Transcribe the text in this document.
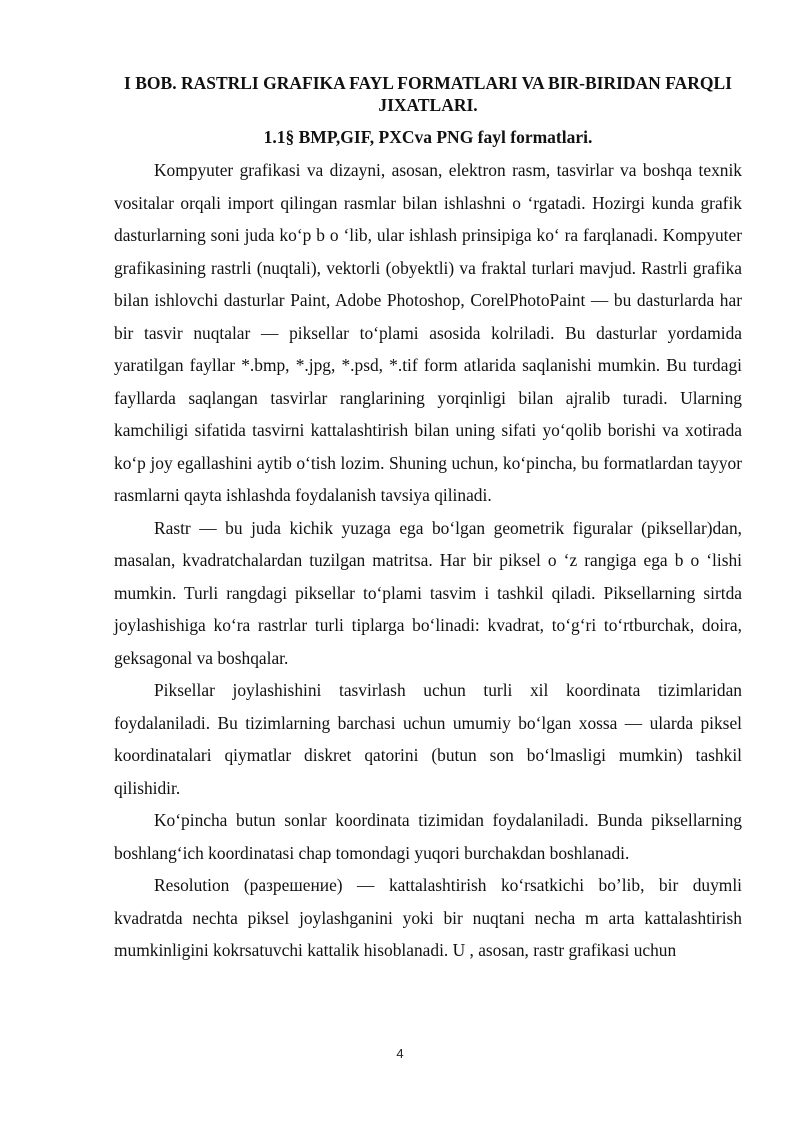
I BOB. RASTRLI GRAFIKA FAYL FORMATLARI VA BIR-BIRIDAN FARQLI JIXATLARI.
1.1§ BMP,GIF, PXCva PNG fayl formatlari.

Kompyuter grafikasi va dizayni, asosan, elektron rasm, tasvirlar va boshqa texnik vositalar orqali import qilingan rasmlar bilan ishlashni o ‘rgatadi. Hozirgi kunda grafik dasturlarning soni juda ko‘p b o ‘lib, ular ishlash prinsipiga ko‘ ra farqlanadi. Kompyuter grafikasining rastrli (nuqtali), vektorli (obyektli) va fraktal turlari mavjud. Rastrli grafika bilan ishlovchi dasturlar Paint, Adobe Photoshop, CorelPhotoPaint — bu dasturlarda har bir tasvir nuqtalar — piksellar to‘plami asosida kolriladi. Bu dasturlar yordamida yaratilgan fayllar *.bmp, *.jpg, *.psd, *.tif form atlarida saqlanishi mumkin. Bu turdagi fayllarda saqlangan tasvirlar ranglarining yorqinligi bilan ajralib turadi. Ularning kamchiligi sifatida tasvirni kattalashtirish bilan uning sifati yo‘qolib borishi va xotirada ko‘p joy egallashini aytib o‘tish lozim. Shuning uchun, ko‘pincha, bu formatlardan tayyor rasmlarni qayta ishlashda foydalanish tavsiya qilinadi.

Rastr — bu juda kichik yuzaga ega bo‘lgan geometrik figuralar (piksellar)dan, masalan, kvadratchalardan tuzilgan matritsa. Har bir piksel o ‘z rangiga ega b o ‘lishi mumkin. Turli rangdagi piksellar to‘plami tasvim i tashkil qiladi. Piksellarning sirtda joylashishiga ko‘ra rastrlar turli tiplarga bo‘linadi: kvadrat, to‘g‘ri to‘rtburchak, doira, geksagonal va boshqalar.

Piksellar joylashishini tasvirlash uchun turli xil koordinata tizimlaridan foydalaniladi. Bu tizimlarning barchasi uchun umumiy bo‘lgan xossa — ularda piksel koordinatalari qiymatlar diskret qatorini (butun son bo‘lmasligi mumkin) tashkil qilishidir.

Ko‘pincha butun sonlar koordinata tizimidan foydalaniladi. Bunda piksellarning boshlang‘ich koordinatasi chap tomondagi yuqori burchakdan boshlanadi.

Resolution (разрешение) — kattalashtirish ko‘rsatkichi bo’lib, bir duymli kvadratda nechta piksel joylashganini yoki bir nuqtani necha m arta kattalashtirish mumkinligini kokrsatuvchi kattalik hisoblanadi. U , asosan, rastr grafikasi uchun

4
